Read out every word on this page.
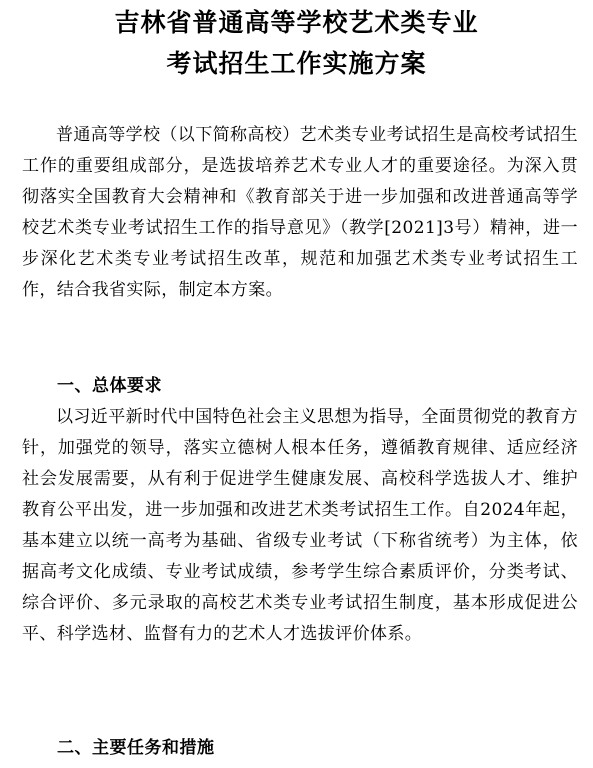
吉林省普通高等学校艺术类专业
考试招生工作实施方案

普通高等学校（以下简称高校）艺术类专业考试招生是高校考试招生工作的重要组成部分，是选拔培养艺术专业人才的重要途径。为深入贯彻落实全国教育大会精神和《教育部关于进一步加强和改进普通高等学校艺术类专业考试招生工作的指导意见》（教学[2021]3号）精神，进一步深化艺术类专业考试招生改革，规范和加强艺术类专业考试招生工作，结合我省实际，制定本方案。

一、总体要求

以习近平新时代中国特色社会主义思想为指导，全面贯彻党的教育方针，加强党的领导，落实立德树人根本任务，遵循教育规律、适应经济社会发展需要，从有利于促进学生健康发展、高校科学选拔人才、维护教育公平出发，进一步加强和改进艺术类考试招生工作。自2024年起，基本建立以统一高考为基础、省级专业考试（下称省统考）为主体，依据高考文化成绩、专业考试成绩，参考学生综合素质评价，分类考试、综合评价、多元录取的高校艺术类专业考试招生制度，基本形成促进公平、科学选材、监督有力的艺术人才选拔评价体系。

二、主要任务和措施
